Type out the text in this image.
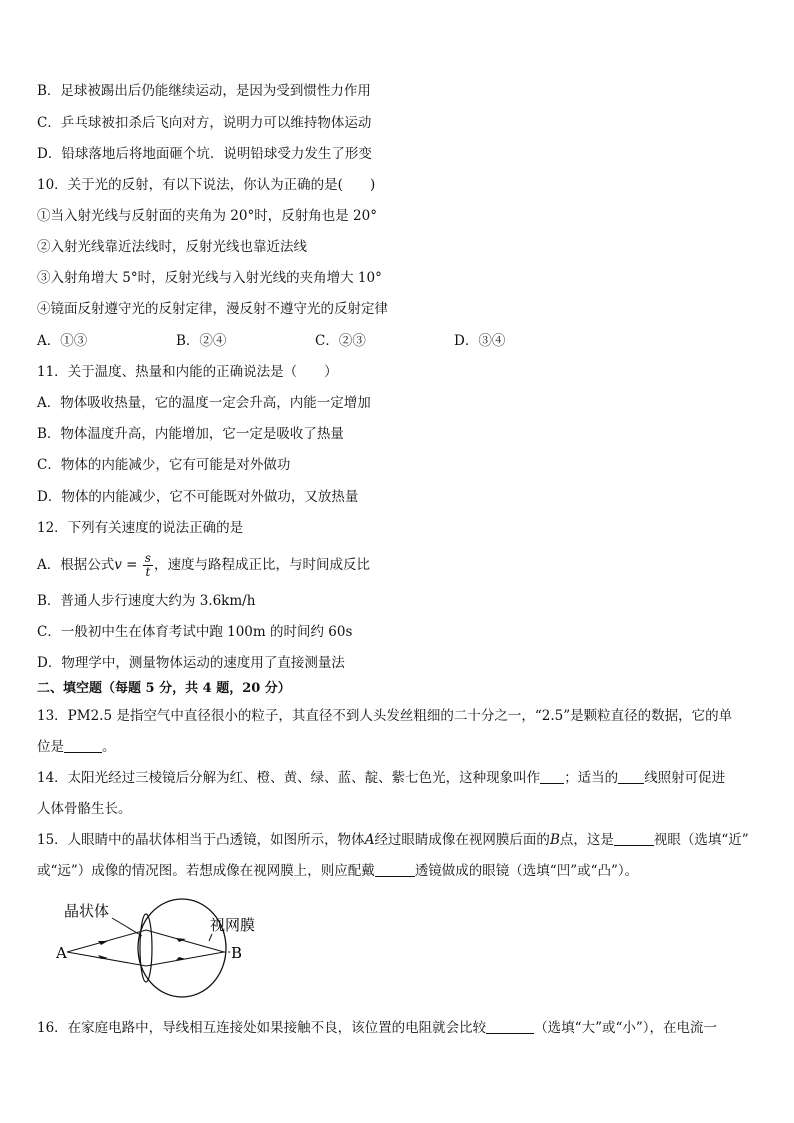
B．足球被踢出后仍能继续运动，是因为受到惯性力作用
C．乒乓球被扣杀后飞向对方，说明力可以维持物体运动
D．铅球落地后将地面砸个坑．说明铅球受力发生了形变
10．关于光的反射，有以下说法，你认为正确的是(　　)
①当入射光线与反射面的夹角为 20°时，反射角也是 20°
②入射光线靠近法线时，反射光线也靠近法线
③入射角增大 5°时，反射光线与入射光线的夹角增大 10°
④镜面反射遵守光的反射定律，漫反射不遵守光的反射定律
A．①③	B．②④	C．②③	D．③④
11．关于温度、热量和内能的正确说法是（　　）
A．物体吸收热量，它的温度一定会升高，内能一定增加
B．物体温度升高，内能增加，它一定是吸收了热量
C．物体的内能减少，它有可能是对外做功
D．物体的内能减少，它不可能既对外做功，又放热量
12．下列有关速度的说法正确的是
A．根据公式$v = \frac{s}{t}$ ，速度与路程成正比，与时间成反比
B．普通人步行速度大约为 3.6km/h
C．一般初中生在体育考试中跑 100m 的时间约 60s
D．物理学中，测量物体运动的速度用了直接测量法
二、填空题（每题 5 分，共 4 题，20 分）
13．PM2.5 是指空气中直径很小的粒子，其直径不到人头发丝粗细的二十分之一，“2.5”是颗粒直径的数据，它的单
位是	。
14．太阳光经过三棱镜后分解为红、橙、黄、绿、蓝、靛、紫七色光，这种现象叫作 ；适当的 线照射可促进
人体骨骼生长。
15．人眼睛中的晶状体相当于凸透镜，如图所示，物体A经过眼睛成像在视网膜后面的B点，这是	视眼（选填“近”
或“远”）成像的情况图。若想成像在视网膜上，则应配戴	透镜做成的眼镜（选填“凹”或“凸”）。
晶状体
视网膜
A	B
16．在家庭电路中，导线相互连接处如果接触不良，该位置的电阻就会比较	（选填“大”或“小”），在电流一
